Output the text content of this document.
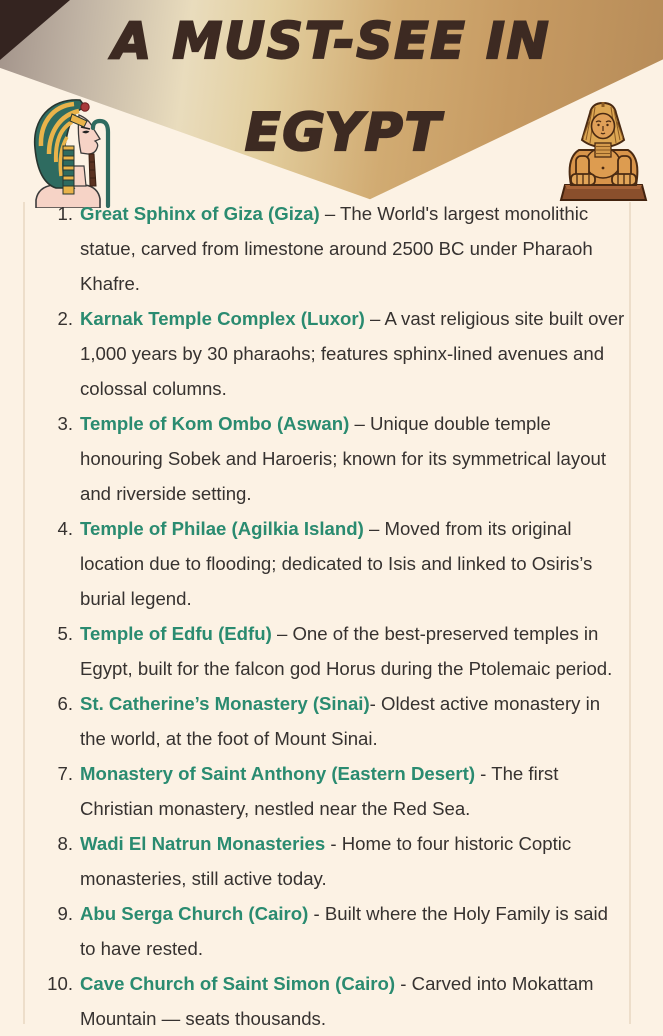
A MUST-SEE IN
EGYPT
1. Great Sphinx of Giza (Giza) – The World's largest monolithic statue, carved from limestone around 2500 BC under Pharaoh Khafre.
2. Karnak Temple Complex (Luxor) – A vast religious site built over 1,000 years by 30 pharaohs; features sphinx-lined avenues and colossal columns.
3. Temple of Kom Ombo (Aswan) – Unique double temple honouring Sobek and Haroeris; known for its symmetrical layout and riverside setting.
4. Temple of Philae (Agilkia Island) – Moved from its original location due to flooding; dedicated to Isis and linked to Osiris’s burial legend.
5. Temple of Edfu (Edfu) – One of the best-preserved temples in Egypt, built for the falcon god Horus during the Ptolemaic period.
6. St. Catherine’s Monastery (Sinai)- Oldest active monastery in the world, at the foot of Mount Sinai.
7. Monastery of Saint Anthony (Eastern Desert) - The first Christian monastery, nestled near the Red Sea.
8. Wadi El Natrun Monasteries - Home to four historic Coptic monasteries, still active today.
9. Abu Serga Church (Cairo) - Built where the Holy Family is said to have rested.
10. Cave Church of Saint Simon (Cairo) - Carved into Mokattam Mountain — seats thousands.
